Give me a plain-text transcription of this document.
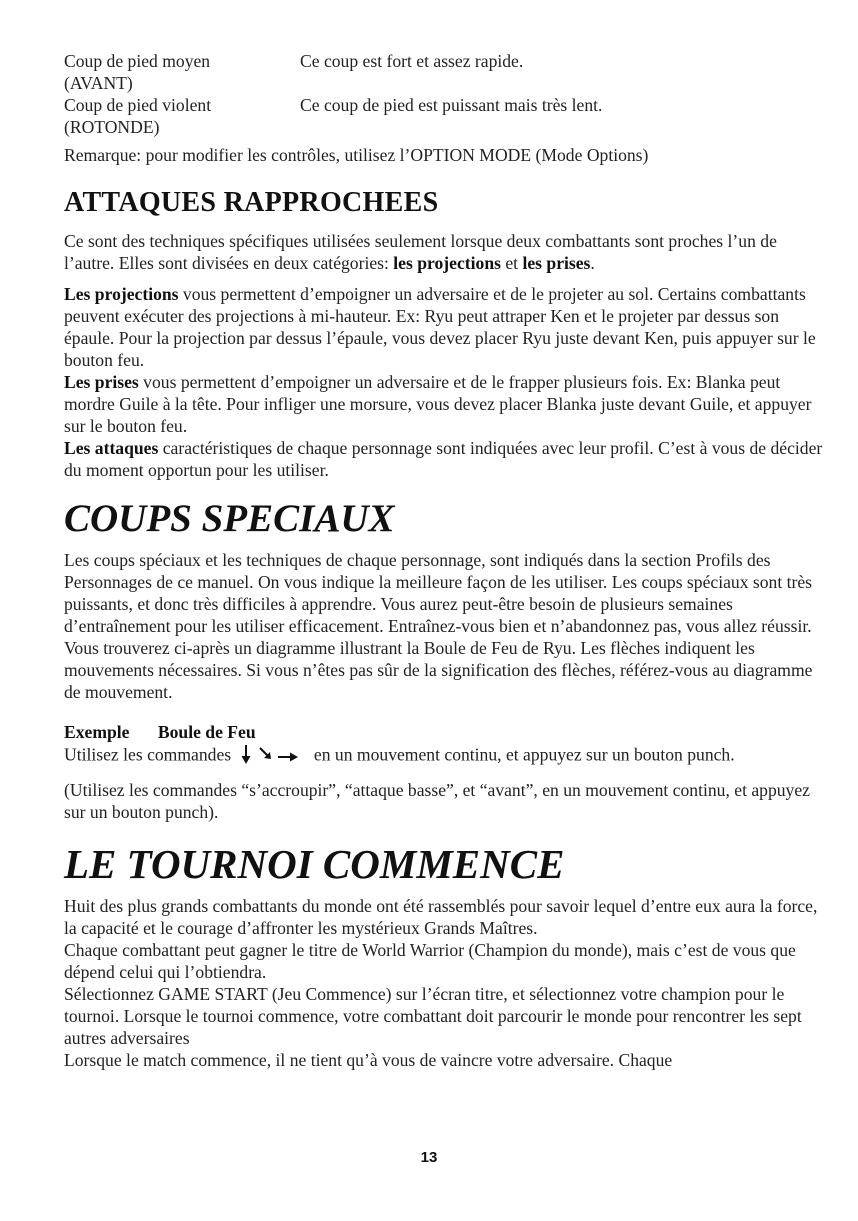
Coup de pied moyen
(AVANT)
Ce coup est fort et assez rapide.
Coup de pied violent
(ROTONDE)
Ce coup de pied est puissant mais très lent.

Remarque: pour modifier les contrôles, utilisez l’OPTION MODE (Mode Options)

ATTAQUES RAPPROCHEES

Ce sont des techniques spécifiques utilisées seulement lorsque deux combattants sont proches l’un de l’autre. Elles sont divisées en deux catégories: les projections et les prises.

Les projections vous permettent d’empoigner un adversaire et de le projeter au sol. Certains combattants peuvent exécuter des projections à mi-hauteur. Ex: Ryu peut attraper Ken et le projeter par dessus son épaule. Pour la projection par dessus l’épaule, vous devez placer Ryu juste devant Ken, puis appuyer sur le bouton feu.

Les prises vous permettent d’empoigner un adversaire et de le frapper plusieurs fois. Ex: Blanka peut mordre Guile à la tête. Pour infliger une morsure, vous devez placer Blanka juste devant Guile, et appuyer sur le bouton feu.

Les attaques caractéristiques de chaque personnage sont indiquées avec leur profil. C’est à vous de décider du moment opportun pour les utiliser.

COUPS SPECIAUX

Les coups spéciaux et les techniques de chaque personnage, sont indiqués dans la section Profils des Personnages de ce manuel. On vous indique la meilleure façon de les utiliser. Les coups spéciaux sont très puissants, et donc très difficiles à apprendre. Vous aurez peut-être besoin de plusieurs semaines d’entraînement pour les utiliser efficacement. Entraînez-vous bien et n’abandonnez pas, vous allez réussir.

Vous trouverez ci-après un diagramme illustrant la Boule de Feu de Ryu. Les flèches indiquent les mouvements nécessaires. Si vous n’êtes pas sûr de la signification des flèches, référez-vous au diagramme de mouvement.

Exemple Boule de Feu

Utilisez les commandes	en un mouvement continu, et appuyez sur un bouton punch.

(Utilisez les commandes “s’accroupir”, “attaque basse”, et “avant”, en un mouvement continu, et appuyez sur un bouton punch).

LE TOURNOI COMMENCE

Huit des plus grands combattants du monde ont été rassemblés pour savoir lequel d’entre eux aura la force, la capacité et le courage d’affronter les mystérieux Grands Maîtres.

Chaque combattant peut gagner le titre de World Warrior (Champion du monde), mais c’est de vous que dépend celui qui l’obtiendra.

Sélectionnez GAME START (Jeu Commence) sur l’écran titre, et sélectionnez votre champion pour le tournoi. Lorsque le tournoi commence, votre combattant doit parcourir le monde pour rencontrer les sept autres adversaires

Lorsque le match commence, il ne tient qu’à vous de vaincre votre adversaire. Chaque

13
